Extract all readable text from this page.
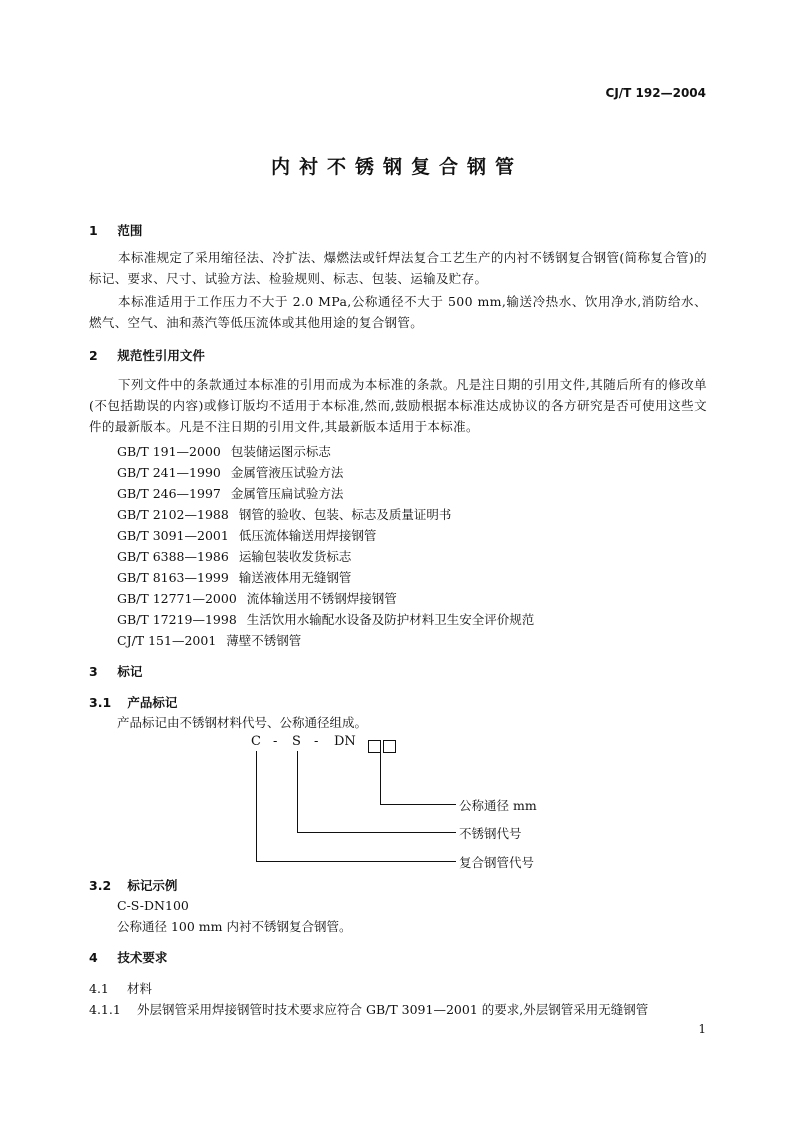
CJ/T 192—2004
内衬不锈钢复合钢管
1 范围
本标准规定了采用缩径法、冷扩法、爆燃法或钎焊法复合工艺生产的内衬不锈钢复合钢管(简称复合管)的标记、要求、尺寸、试验方法、检验规则、标志、包装、运输及贮存。
本标准适用于工作压力不大于 2.0 MPa,公称通径不大于 500 mm,输送冷热水、饮用净水,消防给水、燃气、空气、油和蒸汽等低压流体或其他用途的复合钢管。
2 规范性引用文件
下列文件中的条款通过本标准的引用而成为本标准的条款。凡是注日期的引用文件,其随后所有的修改单(不包括勘误的内容)或修订版均不适用于本标准,然而,鼓励根据本标准达成协议的各方研究是否可使用这些文件的最新版本。凡是不注日期的引用文件,其最新版本适用于本标准。
GB/T 191—2000 包装储运图示标志
GB/T 241—1990 金属管液压试验方法
GB/T 246—1997 金属管压扁试验方法
GB/T 2102—1988 钢管的验收、包装、标志及质量证明书
GB/T 3091—2001 低压流体输送用焊接钢管
GB/T 6388—1986 运输包装收发货标志
GB/T 8163—1999 输送液体用无缝钢管
GB/T 12771—2000 流体输送用不锈钢焊接钢管
GB/T 17219—1998 生活饮用水输配水设备及防护材料卫生安全评价规范
CJ/T 151—2001 薄壁不锈钢管
3 标记
3.1 产品标记
产品标记由不锈钢材料代号、公称通径组成。
C - S - DN
公称通径 mm
不锈钢代号
复合钢管代号
3.2 标记示例
C-S-DN100
公称通径 100 mm 内衬不锈钢复合钢管。
4 技术要求
4.1 材料
4.1.1 外层钢管采用焊接钢管时技术要求应符合 GB/T 3091—2001 的要求,外层钢管采用无缝钢管
1
